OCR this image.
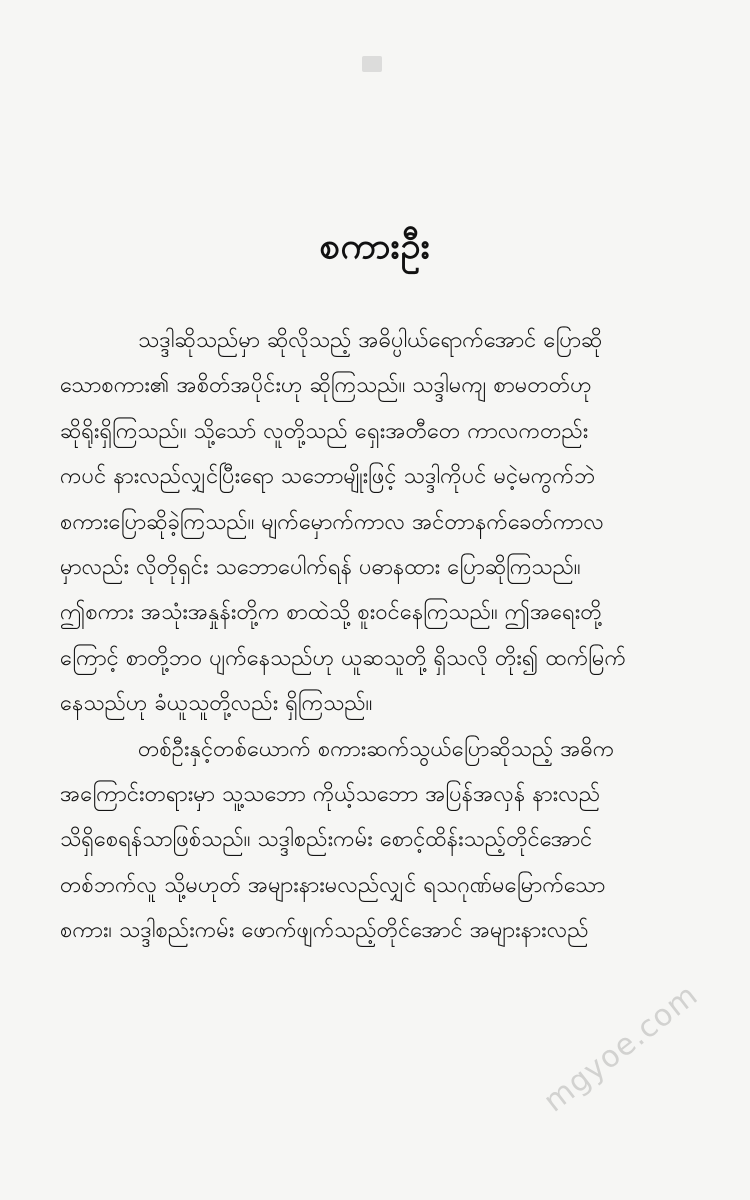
စကားဦး

သဒ္ဒါဆိုသည်မှာ ဆိုလိုသည့် အဓိပ္ပါယ်ရောက်အောင် ပြောဆို
သောစကား၏ အစိတ်အပိုင်းဟု ဆိုကြသည်။ သဒ္ဒါမကျ စာမတတ်ဟု
ဆိုရိုးရှိကြသည်။ သို့သော် လူတို့သည် ရှေးအတီတေ ကာလကတည်း
ကပင် နားလည်လျှင်ပြီးရော သဘောမျိုးဖြင့် သဒ္ဒါကိုပင် မငဲ့မကွက်ဘဲ
စကားပြောဆိုခဲ့ကြသည်။ မျက်မှောက်ကာလ အင်တာနက်ခေတ်ကာလ
မှာလည်း လိုတိုရှင်း သဘောပေါက်ရန် ပဓာနထား ပြောဆိုကြသည်။
ဤစကား အသုံးအနှုန်းတို့က စာထဲသို့ စူးဝင်နေကြသည်။ ဤအရေးတို့
ကြောင့် စာတို့ဘဝ ပျက်နေသည်ဟု ယူဆသူတို့ ရှိသလို တိုး၍ ထက်မြက်
နေသည်ဟု ခံယူသူတို့လည်း ရှိကြသည်။

တစ်ဦးနှင့်တစ်ယောက် စကားဆက်သွယ်ပြောဆိုသည့် အဓိက
အကြောင်းတရားမှာ သူ့သဘော ကိုယ့်သဘော အပြန်အလှန် နားလည်
သိရှိစေရန်သာဖြစ်သည်။ သဒ္ဒါစည်းကမ်း စောင့်ထိန်းသည့်တိုင်အောင်
တစ်ဘက်လူ သို့မဟုတ် အများနားမလည်လျှင် ရသဂုဏ်မမြောက်သော
စကား၊ သဒ္ဒါစည်းကမ်း ဖောက်ဖျက်သည့်တိုင်အောင် အများနားလည်

mgyoe.com
